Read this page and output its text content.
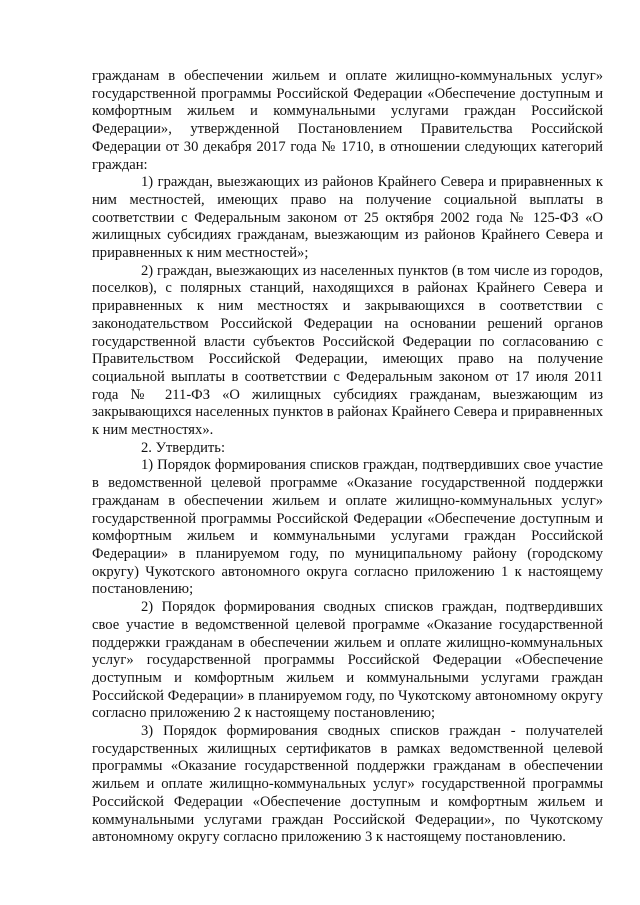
гражданам в обеспечении жильем и оплате жилищно-коммунальных услуг» государственной программы Российской Федерации «Обеспечение доступным и комфортным жильем и коммунальными услугами граждан Российской Федерации», утвержденной Постановлением Правительства Российской Федерации от 30 декабря 2017 года № 1710, в отношении следующих категорий граждан:

1) граждан, выезжающих из районов Крайнего Севера и приравненных к ним местностей, имеющих право на получение социальной выплаты в соответствии с Федеральным законом от 25 октября 2002 года № 125-ФЗ «О жилищных субсидиях гражданам, выезжающим из районов Крайнего Севера и приравненных к ним местностей»;

2) граждан, выезжающих из населенных пунктов (в том числе из городов, поселков), с полярных станций, находящихся в районах Крайнего Севера и приравненных к ним местностях и закрывающихся в соответствии с законодательством Российской Федерации на основании решений органов государственной власти субъектов Российской Федерации по согласованию с Правительством Российской Федерации, имеющих право на получение социальной выплаты в соответствии с Федеральным законом от 17 июля 2011 года № 211-ФЗ «О жилищных субсидиях гражданам, выезжающим из закрывающихся населенных пунктов в районах Крайнего Севера и приравненных к ним местностях».

2. Утвердить:

1) Порядок формирования списков граждан, подтвердивших свое участие в ведомственной целевой программе «Оказание государственной поддержки гражданам в обеспечении жильем и оплате жилищно-коммунальных услуг» государственной программы Российской Федерации «Обеспечение доступным и комфортным жильем и коммунальными услугами граждан Российской Федерации» в планируемом году, по муниципальному району (городскому округу) Чукотского автономного округа согласно приложению 1 к настоящему постановлению;

2) Порядок формирования сводных списков граждан, подтвердивших свое участие в ведомственной целевой программе «Оказание государственной поддержки гражданам в обеспечении жильем и оплате жилищно-коммунальных услуг» государственной программы Российской Федерации «Обеспечение доступным и комфортным жильем и коммунальными услугами граждан Российской Федерации» в планируемом году, по Чукотскому автономному округу согласно приложению 2 к настоящему постановлению;

3) Порядок формирования сводных списков граждан - получателей государственных жилищных сертификатов в рамках ведомственной целевой программы «Оказание государственной поддержки гражданам в обеспечении жильем и оплате жилищно-коммунальных услуг» государственной программы Российской Федерации «Обеспечение доступным и комфортным жильем и коммунальными услугами граждан Российской Федерации», по Чукотскому автономному округу согласно приложению 3 к настоящему постановлению.
